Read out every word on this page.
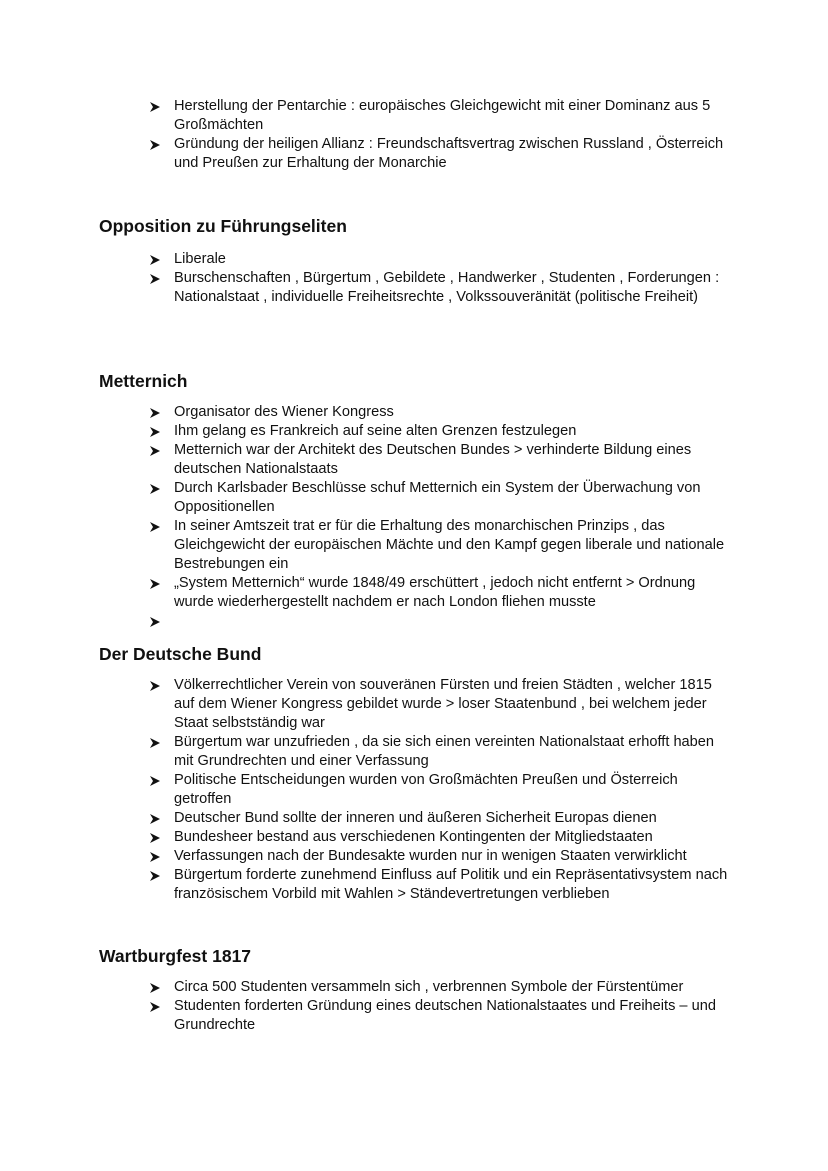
Herstellung der Pentarchie : europäisches Gleichgewicht mit einer Dominanz aus 5 Großmächten
Gründung der heiligen Allianz : Freundschaftsvertrag zwischen Russland , Österreich und Preußen zur Erhaltung der Monarchie
Opposition zu Führungseliten
Liberale
Burschenschaften , Bürgertum , Gebildete , Handwerker , Studenten , Forderungen : Nationalstaat , individuelle Freiheitsrechte , Volkssouveränität (politische Freiheit)
Metternich
Organisator des Wiener Kongress
Ihm gelang es Frankreich auf seine alten Grenzen festzulegen
Metternich war der Architekt des Deutschen Bundes > verhinderte Bildung eines deutschen Nationalstaats
Durch Karlsbader Beschlüsse schuf Metternich ein System der Überwachung von Oppositionellen
In seiner Amtszeit trat er für die Erhaltung des monarchischen Prinzips , das Gleichgewicht der europäischen Mächte und den Kampf gegen liberale und nationale Bestrebungen ein
„System Metternich“ wurde 1848/49 erschüttert , jedoch nicht entfernt > Ordnung wurde wiederhergestellt nachdem er nach London fliehen musste
Der Deutsche Bund
Völkerrechtlicher Verein von souveränen Fürsten und freien Städten , welcher 1815 auf dem Wiener Kongress gebildet wurde > loser Staatenbund , bei welchem jeder Staat selbstständig war
Bürgertum war unzufrieden , da sie sich einen vereinten Nationalstaat erhofft haben mit Grundrechten und einer Verfassung
Politische Entscheidungen wurden von Großmächten Preußen und Österreich getroffen
Deutscher Bund sollte der inneren und äußeren Sicherheit Europas dienen
Bundesheer bestand aus verschiedenen Kontingenten der Mitgliedstaaten
Verfassungen nach der Bundesakte wurden nur in wenigen Staaten verwirklicht
Bürgertum forderte zunehmend Einfluss auf Politik und ein Repräsentativsystem nach französischem Vorbild mit Wahlen > Ständevertretungen verblieben
Wartburgfest 1817
Circa 500 Studenten versammeln sich , verbrennen Symbole der Fürstentümer
Studenten forderten Gründung eines deutschen Nationalstaates und Freiheits – und Grundrechte
